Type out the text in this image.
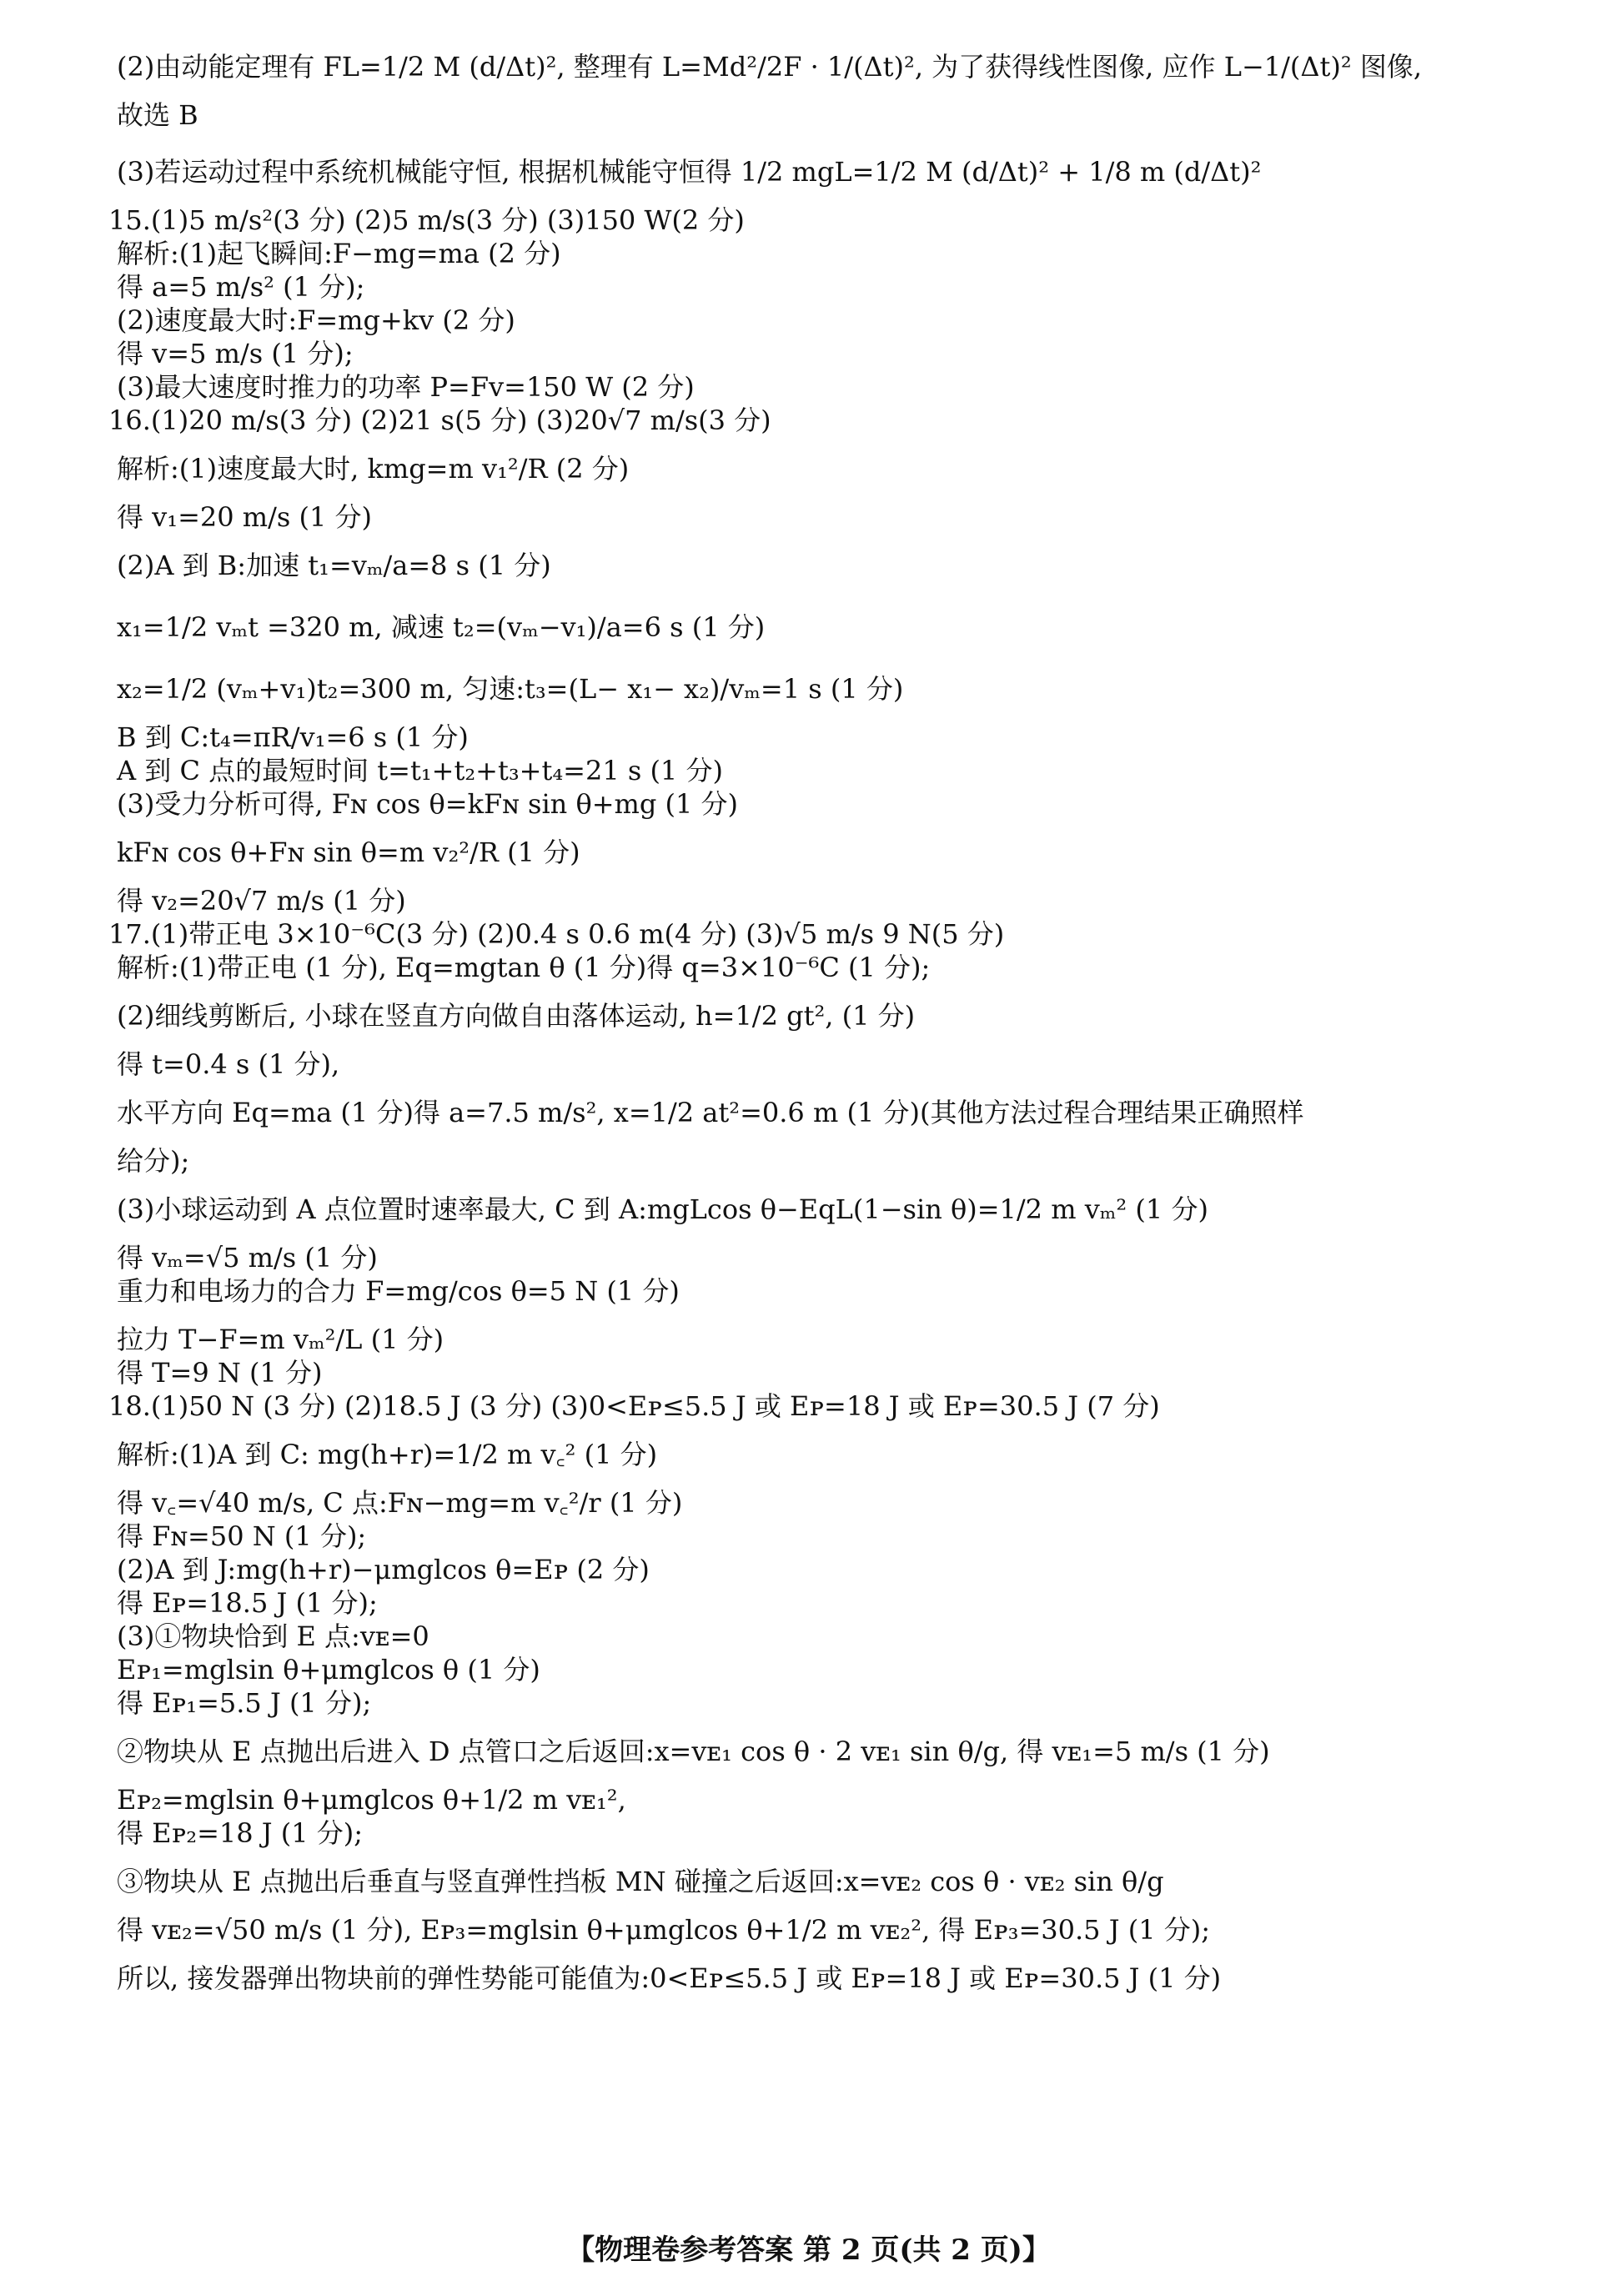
(2)由动能定理有 FL=1/2 M (d/Δt)², 整理有 L=Md²/2F · 1/(Δt)², 为了获得线性图像, 应作 L−1/(Δt)² 图像,

故选 B

(3)若运动过程中系统机械能守恒, 根据机械能守恒得 1/2 mgL=1/2 M (d/Δt)² + 1/8 m (d/Δt)²

15.(1)5 m/s²(3 分) (2)5 m/s(3 分) (3)150 W(2 分)

解析:(1)起飞瞬间:F−mg=ma (2 分)

得 a=5 m/s² (1 分);

(2)速度最大时:F=mg+kv (2 分)

得 v=5 m/s (1 分);

(3)最大速度时推力的功率 P=Fv=150 W (2 分)

16.(1)20 m/s(3 分) (2)21 s(5 分) (3)20√7 m/s(3 分)

解析:(1)速度最大时, kmg=m v₁²/R (2 分)

得 v₁=20 m/s (1 分)

(2)A 到 B:加速 t₁=vₘ/a=8 s (1 分)

x₁=1/2 vₘt =320 m, 减速 t₂=(vₘ−v₁)/a=6 s (1 分)

x₂=1/2 (vₘ+v₁)t₂=300 m, 匀速:t₃=(L− x₁− x₂)/vₘ=1 s (1 分)

B 到 C:t₄=πR/v₁=6 s (1 分)

A 到 C 点的最短时间 t=t₁+t₂+t₃+t₄=21 s (1 分)

(3)受力分析可得, Fɴ cos θ=kFɴ sin θ+mg (1 分)

kFɴ cos θ+Fɴ sin θ=m v₂²/R (1 分)

得 v₂=20√7 m/s (1 分)

17.(1)带正电 3×10⁻⁶C(3 分) (2)0.4 s 0.6 m(4 分) (3)√5 m/s 9 N(5 分)

解析:(1)带正电 (1 分), Eq=mgtan θ (1 分)得 q=3×10⁻⁶C (1 分);

(2)细线剪断后, 小球在竖直方向做自由落体运动, h=1/2 gt², (1 分)

得 t=0.4 s (1 分),

水平方向 Eq=ma (1 分)得 a=7.5 m/s², x=1/2 at²=0.6 m (1 分)(其他方法过程合理结果正确照样

给分);

(3)小球运动到 A 点位置时速率最大, C 到 A:mgLcos θ−EqL(1−sin θ)=1/2 m vₘ² (1 分)

得 vₘ=√5 m/s (1 分)

重力和电场力的合力 F=mg/cos θ=5 N (1 分)

拉力 T−F=m vₘ²/L (1 分)

得 T=9 N (1 分)

18.(1)50 N (3 分) (2)18.5 J (3 分) (3)0<Eᴘ≤5.5 J 或 Eᴘ=18 J 或 Eᴘ=30.5 J (7 分)

解析:(1)A 到 C: mg(h+r)=1/2 m v꜀² (1 分)

得 v꜀=√40 m/s, C 点:Fɴ−mg=m v꜀²/r (1 分)

得 Fɴ=50 N (1 分);

(2)A 到 J:mg(h+r)−μmglcos θ=Eᴘ (2 分)

得 Eᴘ=18.5 J (1 分);

(3)①物块恰到 E 点:vᴇ=0

Eᴘ₁=mglsin θ+μmglcos θ (1 分)

得 Eᴘ₁=5.5 J (1 分);

②物块从 E 点抛出后进入 D 点管口之后返回:x=vᴇ₁ cos θ · 2 vᴇ₁ sin θ/g, 得 vᴇ₁=5 m/s (1 分)

Eᴘ₂=mglsin θ+μmglcos θ+1/2 m vᴇ₁²,

得 Eᴘ₂=18 J (1 分);

③物块从 E 点抛出后垂直与竖直弹性挡板 MN 碰撞之后返回:x=vᴇ₂ cos θ · vᴇ₂ sin θ/g

得 vᴇ₂=√50 m/s (1 分), Eᴘ₃=mglsin θ+μmglcos θ+1/2 m vᴇ₂², 得 Eᴘ₃=30.5 J (1 分);

所以, 接发器弹出物块前的弹性势能可能值为:0<Eᴘ≤5.5 J 或 Eᴘ=18 J 或 Eᴘ=30.5 J (1 分)

【物理卷参考答案 第 2 页(共 2 页)】
